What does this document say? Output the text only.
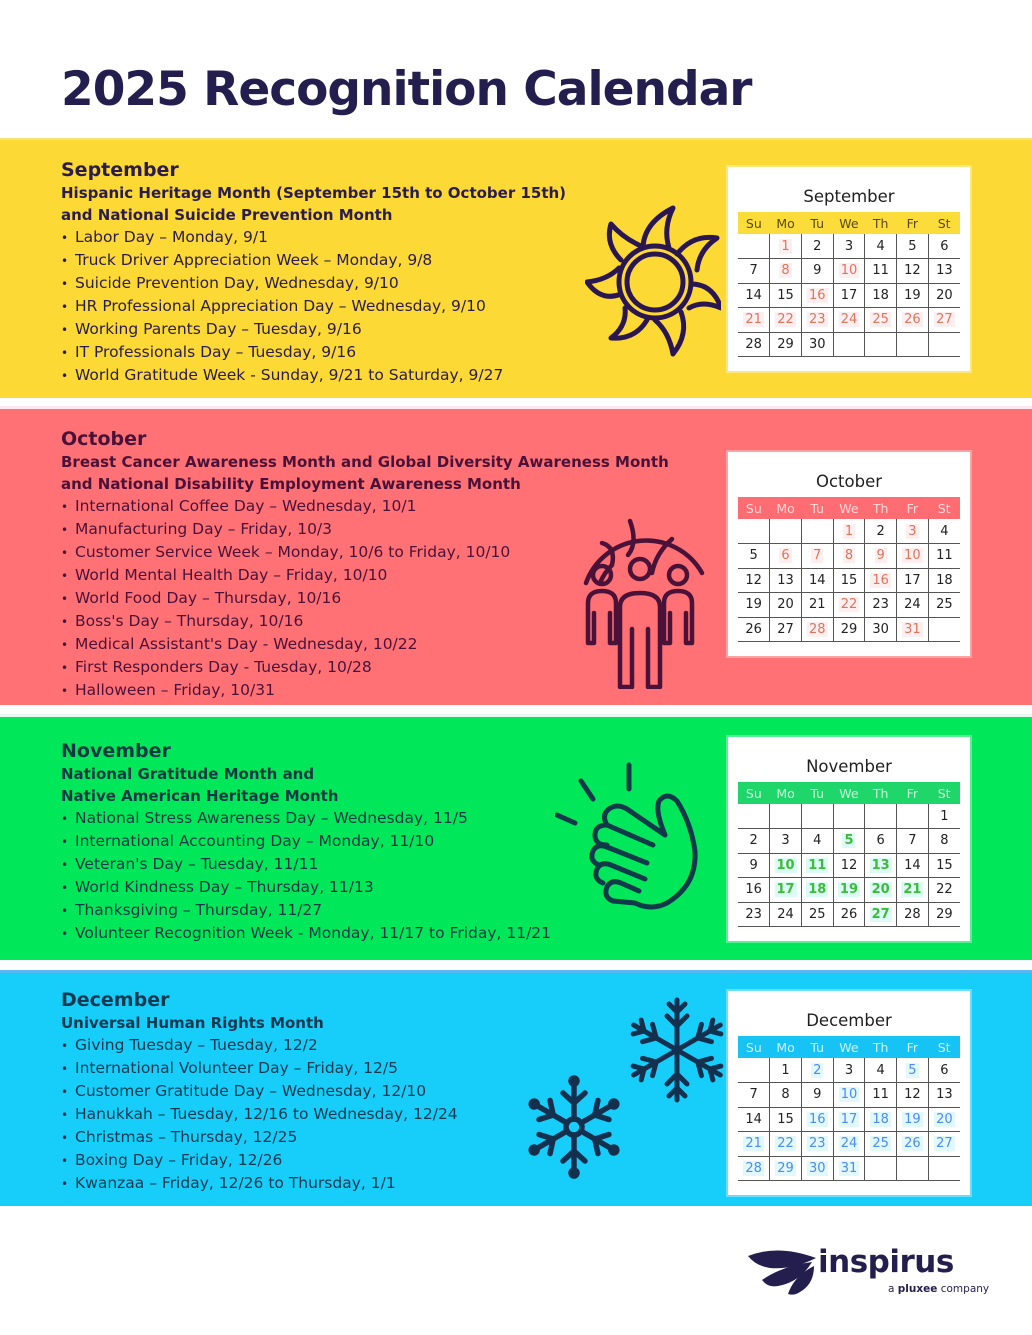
2025 Recognition Calendar
September
Hispanic Heritage Month (September 15th to October 15th)
and National Suicide Prevention Month
• Labor Day – Monday, 9/1
• Truck Driver Appreciation Week – Monday, 9/8
• Suicide Prevention Day, Wednesday, 9/10
• HR Professional Appreciation Day – Wednesday, 9/10
• Working Parents Day – Tuesday, 9/16
• IT Professionals Day – Tuesday, 9/16
• World Gratitude Week - Sunday, 9/21 to Saturday, 9/27
September
Su	Mo	Tu	We	Th	Fr	St
	1	2	3	4	5	6
7	8	9	10	11	12	13
14	15	16	17	18	19	20
21	22	23	24	25	26	27
28	29	30				
October
Breast Cancer Awareness Month and Global Diversity Awareness Month
and National Disability Employment Awareness Month
• International Coffee Day – Wednesday, 10/1
• Manufacturing Day – Friday, 10/3
• Customer Service Week – Monday, 10/6 to Friday, 10/10
• World Mental Health Day – Friday, 10/10
• World Food Day – Thursday, 10/16
• Boss's Day – Thursday, 10/16
• Medical Assistant's Day - Wednesday, 10/22
• First Responders Day - Tuesday, 10/28
• Halloween – Friday, 10/31
October
Su	Mo	Tu	We	Th	Fr	St
			1	2	3	4
5	6	7	8	9	10	11
12	13	14	15	16	17	18
19	20	21	22	23	24	25
26	27	28	29	30	31	
November
National Gratitude Month and
Native American Heritage Month
• National Stress Awareness Day – Wednesday, 11/5
• International Accounting Day – Monday, 11/10
• Veteran's Day – Tuesday, 11/11
• World Kindness Day – Thursday, 11/13
• Thanksgiving – Thursday, 11/27
• Volunteer Recognition Week - Monday, 11/17 to Friday, 11/21
November
Su	Mo	Tu	We	Th	Fr	St
						1
2	3	4	5	6	7	8
9	10	11	12	13	14	15
16	17	18	19	20	21	22
23	24	25	26	27	28	29
December
Universal Human Rights Month
• Giving Tuesday – Tuesday, 12/2
• International Volunteer Day – Friday, 12/5
• Customer Gratitude Day – Wednesday, 12/10
• Hanukkah – Tuesday, 12/16 to Wednesday, 12/24
• Christmas – Thursday, 12/25
• Boxing Day – Friday, 12/26
• Kwanzaa – Friday, 12/26 to Thursday, 1/1
December
Su	Mo	Tu	We	Th	Fr	St
	1	2	3	4	5	6
7	8	9	10	11	12	13
14	15	16	17	18	19	20
21	22	23	24	25	26	27
28	29	30	31			
inspirus
a pluxee company
